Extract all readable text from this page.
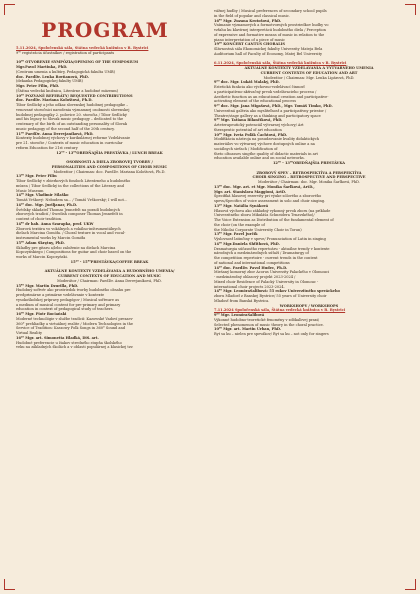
PROGRAM
5.11.2024, Spoločenská sála, Štátna vedecká knižnica v B. Bystrici
9⁰⁰ registrácia účastníkov / registration of participants
10⁰⁰ OTVORENIE SYMPÓZIA/OPENING OF THE SYMPOSIUM
Mgr.Pavol Martinka, PhD.
(Centrum umenia a kultúry, Pedagogická fakulta UMB)
doc. PaedDr. Lenka Rovňanová, PhD.
(dekanka Pedagogickej fakulty UMB)
Mgr. Peter Filin, PhD.
(Štátna vedecká knižnica, Literárne a hudobné múzeum)
10³⁰ POZVANÉ REFERÁTY/ REQUESTED CONTRIBUTIONS
doc. PaedDr. Mariana Kološtová, Ph.D.
Tibor Sedlický a jeho odkaz slovenskej hudobnej pedagogike –
venované storočnici narodenia významnej osobnosti slovenskej
hudobnej pedagogiky 2. polovice 20. storočia / Tibor Sedlický
and his legacy to Slovak music pedagogy – dedicated to the
centenary of the birth of an outstanding personality of Slovak
music pedagogy of the second half of the 20th century.
11⁰⁰ PaedDr. Anna Derevjaníková, PhD.
Kontexty hudobnej výchovy v kurikulárnej reforme Vzdelávanie
pre 21. storočie / Contexts of music education in curricular
reform Education for 21st century
12⁰⁰ - 13⁰⁰OBEDŇAJŠIA PRESTÁVKA / LUNCH BREAK
OSOBNOSTI A DIELA ZBOROVEJ TVORBY /
PERSONALITIES AND COMPOSITIONS OF CHOIR MUSIC
Moderátor / Chairman: doc. PaedDr. Mariana Kološtová, Ph.D.
13⁰⁰ Mgr. Peter Filin
Tibor Sedlický v zbierkových fondoch Literárneho a hudobného
múzea / Tibor Sedlický in the collections of the Literary and
Music Museum
14⁰⁰ Mgr. Vladimír Mlaško
Tomáš Vrškový: Nebudem sa... / Tomáš Vrškovský; I will not...
14²⁰ doc. Mgr. Juriljanar, Ph.D.
Švédsky skladateľ Thomas Jennefelt na poradí hudobných
zborových tradícií / Swedish composer Thomas Jennefelt in
context of choir tradition.
14⁴⁰ dr hab. Anna Szarapka, prof. UKW
Zborová textúra vo vokálnych a vokálno-inštrumentálnych
dielach Marcina Gomóła. / Choral texture in vocal and vocal-
instrumental works by Marcin Gomóła
15⁰⁰ Adam Skrętny, PhD.
Skladby pre gitaru a/lebo založenie na dielach Marcina
Kopczyńskiego / Compositions for guitar and choir based on the
works of Marcin Kopczyński.
15²⁰ - 15⁴⁰PRESTÁVKA/COFFEE BREAK
AKTUÁLNE KONTEXTY VZDELÁVANIA A HUDOBNÉHO UMENIA/
CURRENT CONTEXTS OF EDUCATION AND MUSIC
Moderátor / Chairman: PaedDr. Anna Derevjaníková, PhD.
15⁴⁰ Mgr. Martin Dzurilla, PhD.
Hudobný softvér ako prostriedok tvorby hudobného obsahu pre
predprimárne a primárne vzdelávanie v kontexte
vysokoškolskej prípravy pedagógov / Musical software as
a medium of musical content for pre-primary and primary
education in context of pedagogical study of teachers.
16⁰⁰ Mgr. Piotr Bociański
Moderné technológie v službe tradícií: Kazowské Vadoví prezaev
360° prehliadky a virtuálnej realite / Modern Technologies in the
Service of Tradition: Kaszowy Folk Songs in 360° Sound and
Virtual Reality
16²⁰ Mgr. art. Simonetta Hladká, DiS. art.
Hudobné preferencie u žiakov stredného stupňa školského
veku na základných školách a v oblasti populárnej a klasickej tzv.
vážnej hudby / Musical preferences of secondary school pupils
in the field of popular and classical music.
16⁴⁰ Mgr. Zuzana Krotošová, PhD.
Vnímanie významových a formotvorných prostriedkov hudby vo
vzťahu ku klavírnej interpretácii hudobného diela / Perception
of expressive and formative means of music in relation to the
piano interpretation of a piece of music
19⁰⁰ KONCERT CANTUS CHORALIS
Slávnostná sála Ekonomickej fakulty Univerzity Mateja Bela
Auditorium hall of Faculty of Economy, Matej Bel University
6.11.2024, Spoločenská sála, Štátna vedecká knižnica v B. Bystrici
AKTUÁLNE KONTEXTY VZDELÁVANIA A VÝTVARNÉHO UMENIA
CURRENT CONTEXTS OF EDUCATION AND ART
Moderátor / Chairman: Mgr. Lenka Lipárová, PhD.
9⁰⁰ doc. Mgr. Lukáš Malaký, PhD.
Estetická funkcia ako výchovno-vzdelávací činnosť
a participatívno-aktivačný prvok vzdelávacieho procesu /
Aesthetic function as an educational creation and participative-
activating element of the educational process
9²⁰ doc. Mgr. Jana Migašová, PhD., Mgr. Tomáš Timko, PhD.
Univerzitná galéria ako mysliteľnosť a participatívny priestor /
Theatre/stage gallery as a thinking and participatory space
9⁴⁰ Mgr. Tatiana Bilančíková, PhD.
Arteterapeutický potenciál výtvarnej výchovy/ Art
therapeutic potential of art education
10⁰⁰ Mgr. Iveta Poľák Čachtová, PhD.
Modifikácia nástroja na posudzovanie kvality didaktických
materiálov vo výtvarnej výchove dostupných online a na
sociálnych sieťach / Modification of
theto oltoasses singthe quality of didactic materials in art
education available online and on social networks.
12⁰⁰ - 13⁰⁰OBEDŇAJŠIA PRESTÁVKA
ZBOROVÝ SPEV – RETROSPEKTÍVA A PERSPEKTÍVA
CHOIR SINGING – RETROSPECTIVE AND PERSPECTIVE
Moderátor / Chairman: doc. Mgr. Monika Šarlková, PhD.
13⁰⁰ doc. Mgr. art. et Mgr. Monika Šarlková, ArtD.,
Mgr. art. Stanislava Maggioni, ArtD.
Špecifiká hlasovej rezervity pri výuke sólového a zborového
spevu/Specifics of voice assessment in solo and choir singing.
13²⁰ Mgr. Natália Synáková
Hlasová výchova ako základný vykonný prvok zboru (na príklade
Univerzitného zboru Mikuláša Schneidera Trnavského)/
The Voice Extension as Distribution of the fundamental element of
the choir (on the example of
the Nikolai Corporate University Choir in Torun)
13⁴⁰ Mgr. Pavel Jurčík
Výslovnosť latinčiny v speve/ Pronunciation of Latin in singing
14⁰⁰ Mgr.Daniela Shťithová, PhD.
Dramaturgia súčasného repertoáru - aktuálne trendy v kontexte
národných a medzinárodných súťaží / Dramaturgy of
the competition repertoire - current trends in the context
of national and international competitions
14²⁰ doc. PaedDr. Pavol Hudec, Ph.D.
Miešaný komorný zbor Acorus Univerzity Palackého v Olomouci
- medzinárodný ohlasový projekt 2023-2024 /
Mixed choir Residence of Palacký University in Olomouc -
international choir projects 2023-2024.
14⁴⁰ Mgr. LeonóraSalibová: 55 rokov Univerzitného speváckeho
zboru Mladosť z Banskej Bystrice/ 55 years of University choir
Mladosť from Banská Bystrica.
WORKSHOPY / WORKSHOPS
7.11.2024 Spoločenská sála, Štátna vedecká knižnica v B. Bystrici
9⁰⁰ Mgr. LeonóraSalibová
Výkonné hudobno-teoretické fenomény v zdôkaľovej praxi/
Selected phenomenon of music theory in the choral practice.
10⁰⁰ Mgr. art. Martin Urban, PhD.
Ryt sa ku – nielen pre spevákov/ Ryt sa ku – not only for singers
